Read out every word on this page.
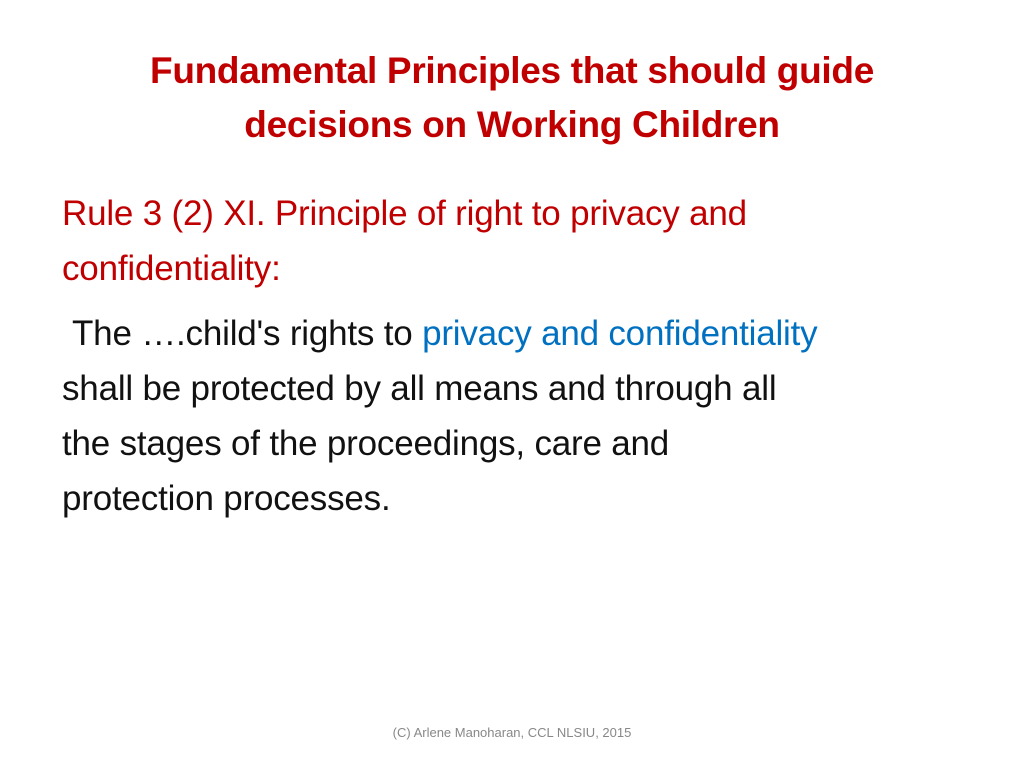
Fundamental Principles that should guide
decisions on Working Children

Rule 3 (2) XI. Principle of right to privacy and
confidentiality:

The ….child's rights to privacy and confidentiality
shall be protected by all means and through all
the stages of the proceedings, care and
protection processes.

(C) Arlene Manoharan, CCL NLSIU, 2015
